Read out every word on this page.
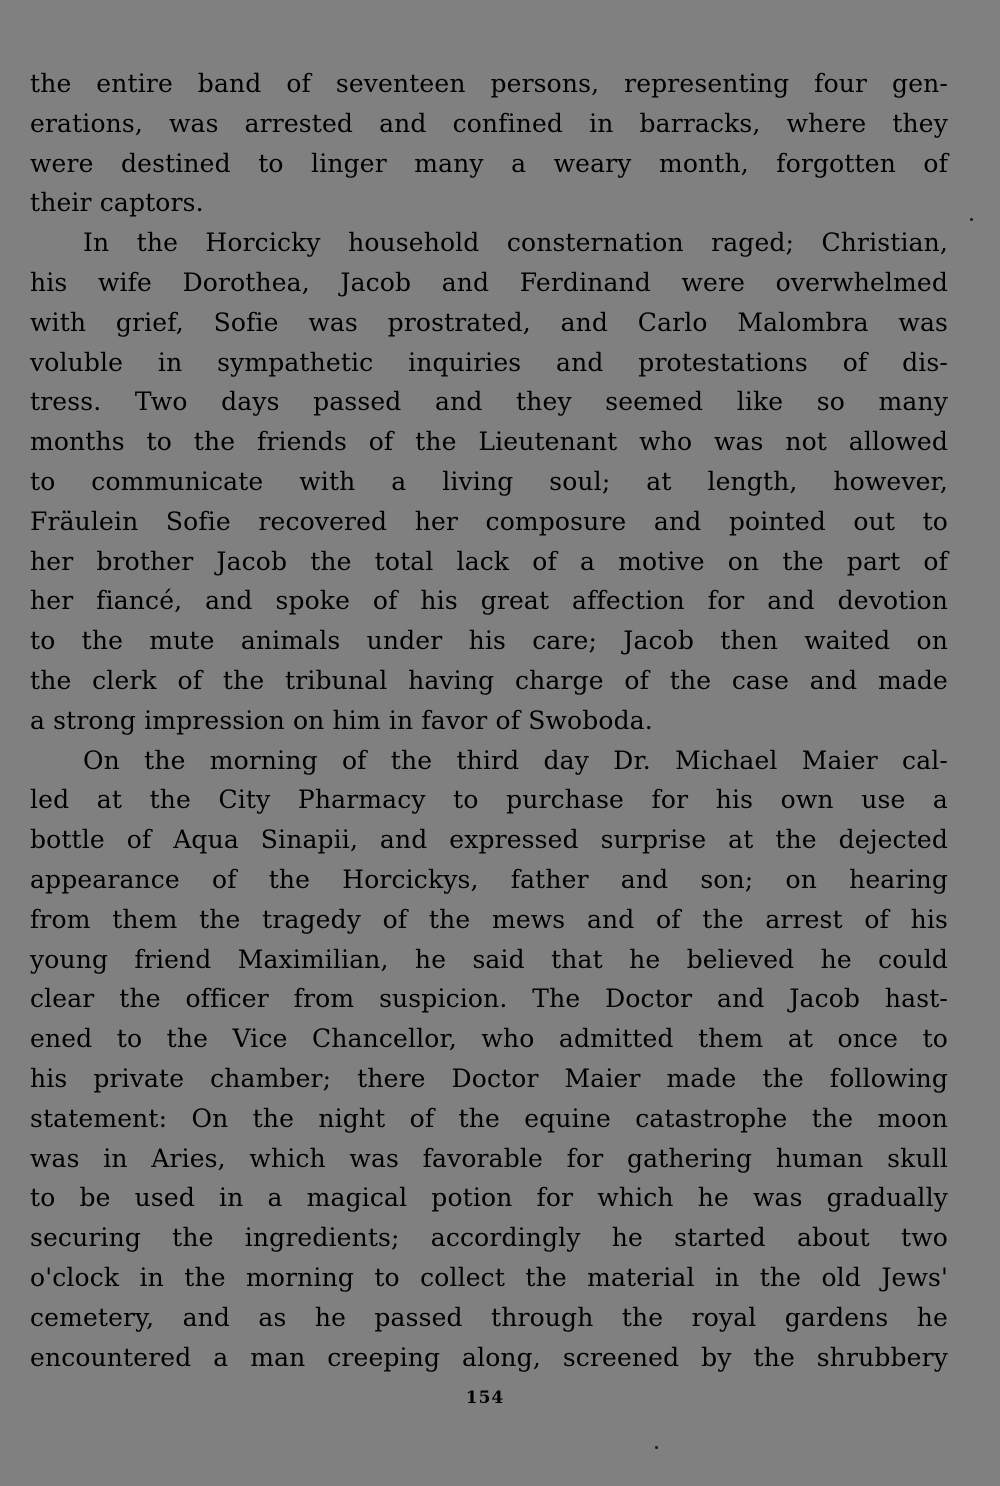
the entire band of seventeen persons, representing four gen-
erations, was arrested and confined in barracks, where they
were destined to linger many a weary month, forgotten of
their captors.
In the Horcicky household consternation raged; Christian,
his wife Dorothea, Jacob and Ferdinand were overwhelmed
with grief, Sofie was prostrated, and Carlo Malombra was
voluble in sympathetic inquiries and protestations of dis-
tress. Two days passed and they seemed like so many
months to the friends of the Lieutenant who was not allowed
to communicate with a living soul; at length, however,
Fräulein Sofie recovered her composure and pointed out to
her brother Jacob the total lack of a motive on the part of
her fiancé, and spoke of his great affection for and devotion
to the mute animals under his care; Jacob then waited on
the clerk of the tribunal having charge of the case and made
a strong impression on him in favor of Swoboda.
On the morning of the third day Dr. Michael Maier cal-
led at the City Pharmacy to purchase for his own use a
bottle of Aqua Sinapii, and expressed surprise at the dejected
appearance of the Horcickys, father and son; on hearing
from them the tragedy of the mews and of the arrest of his
young friend Maximilian, he said that he believed he could
clear the officer from suspicion. The Doctor and Jacob hast-
ened to the Vice Chancellor, who admitted them at once to
his private chamber; there Doctor Maier made the following
statement: On the night of the equine catastrophe the moon
was in Aries, which was favorable for gathering human skull
to be used in a magical potion for which he was gradually
securing the ingredients; accordingly he started about two
o'clock in the morning to collect the material in the old Jews'
cemetery, and as he passed through the royal gardens he
encountered a man creeping along, screened by the shrubbery
154
